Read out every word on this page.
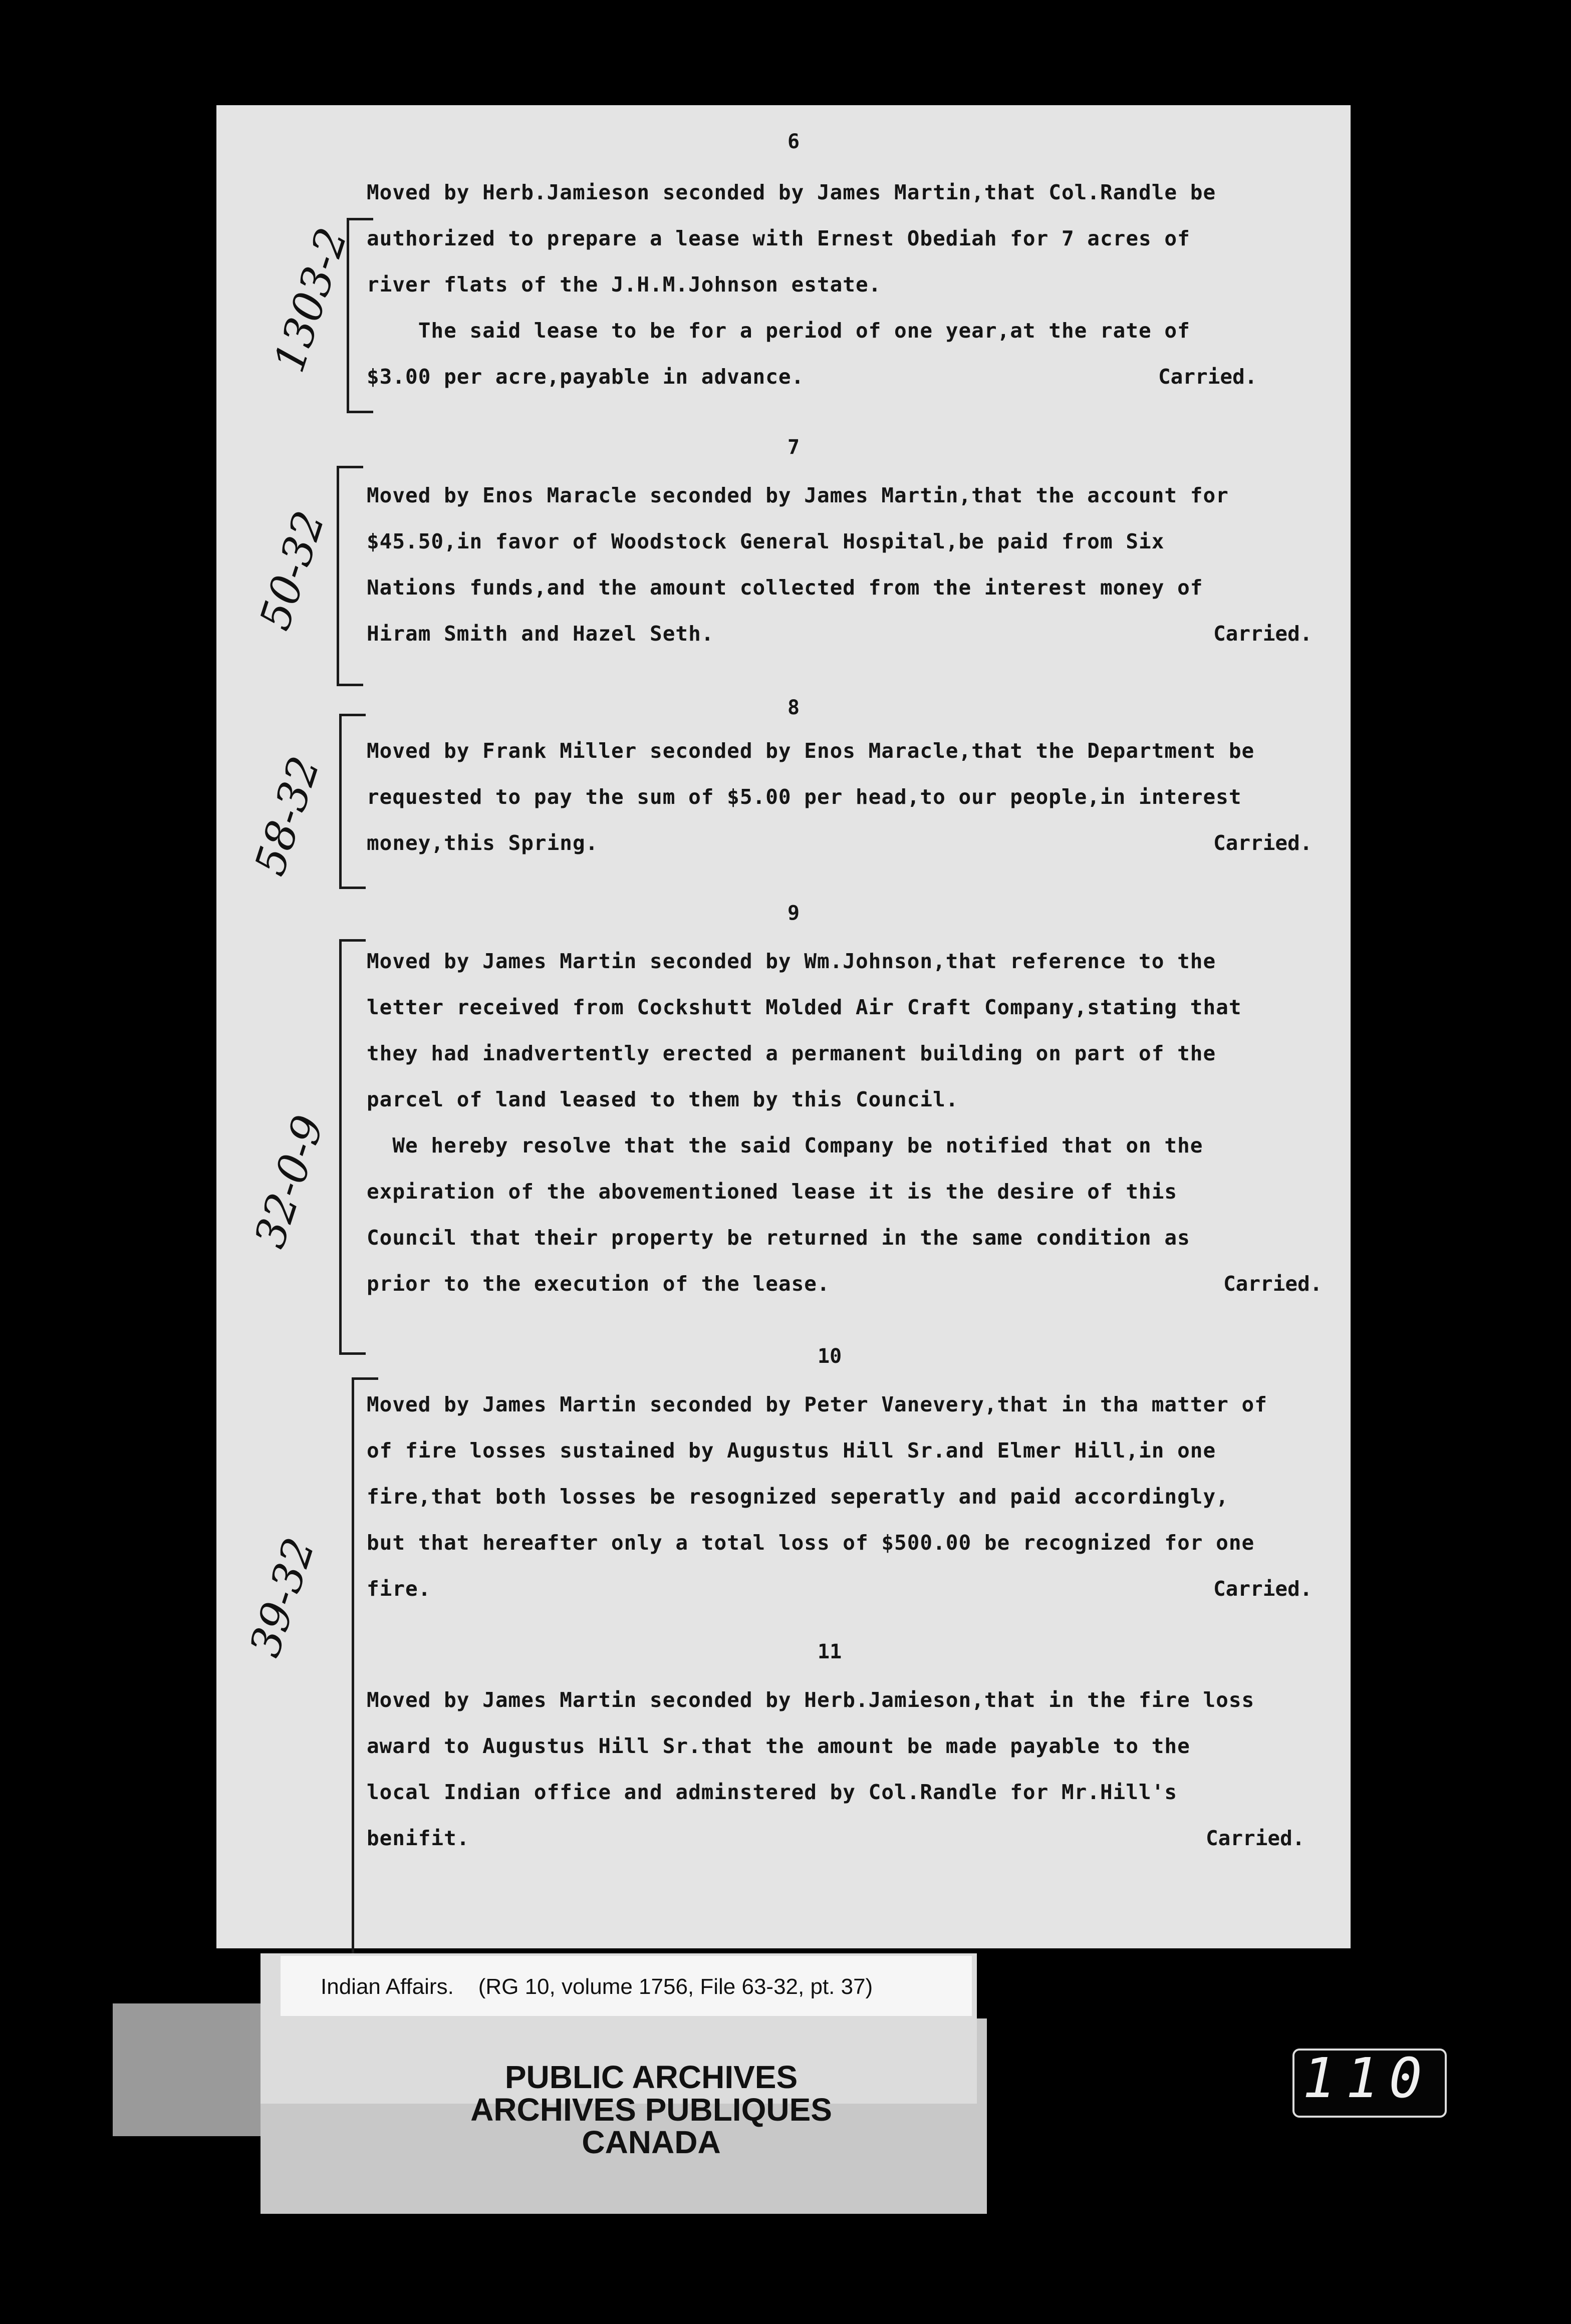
6
1303-2
Moved by Herb.Jamieson seconded by James Martin,that Col.Randle be
authorized to prepare a lease with Ernest Obediah for 7 acres of
river flats of the J.H.M.Johnson estate.
The said lease to be for a period of one year,at the rate of
$3.00 per acre,payable in advance.	Carried.
7
50-32
Moved by Enos Maracle seconded by James Martin,that the account for
$45.50,in favor of Woodstock General Hospital,be paid from Six
Nations funds,and the amount collected from the interest money of
Hiram Smith and Hazel Seth.	Carried.
8
58-32 Moved by Frank Miller seconded by Enos Maracle,that the Department be
requested to pay the sum of $5.00 per head,to our people,in interest
money,this Spring.	Carried.
9
32-0-9
Moved by James Martin seconded by Wm.Johnson,that reference to the
letter received from Cockshutt Molded Air Craft Company,stating that
they had inadvertently erected a permanent building on part of the
parcel of land leased to them by this Council.
We hereby resolve that the said Company be notified that on the
expiration of the abovementioned lease it is the desire of this
Council that their property be returned in the same condition as
prior to the execution of the lease.	Carried.
10
39-32
Moved by James Martin seconded by Peter Vanevery,that in tha matter of
of fire losses sustained by Augustus Hill Sr.and Elmer Hill,in one
fire,that both losses be resognized seperatly and paid accordingly,
but that hereafter only a total loss of $500.00 be recognized for one
fire.	Carried.
11
Moved by James Martin seconded by Herb.Jamieson,that in the fire loss
award to Augustus Hill Sr.that the amount be made payable to the
local Indian office and adminstered by Col.Randle for Mr.Hill's
benifit.	Carried.
Indian Affairs.    (RG 10, volume 1756, File 63-32, pt. 37)
PUBLIC ARCHIVES
ARCHIVES PUBLIQUES
CANADA
110
